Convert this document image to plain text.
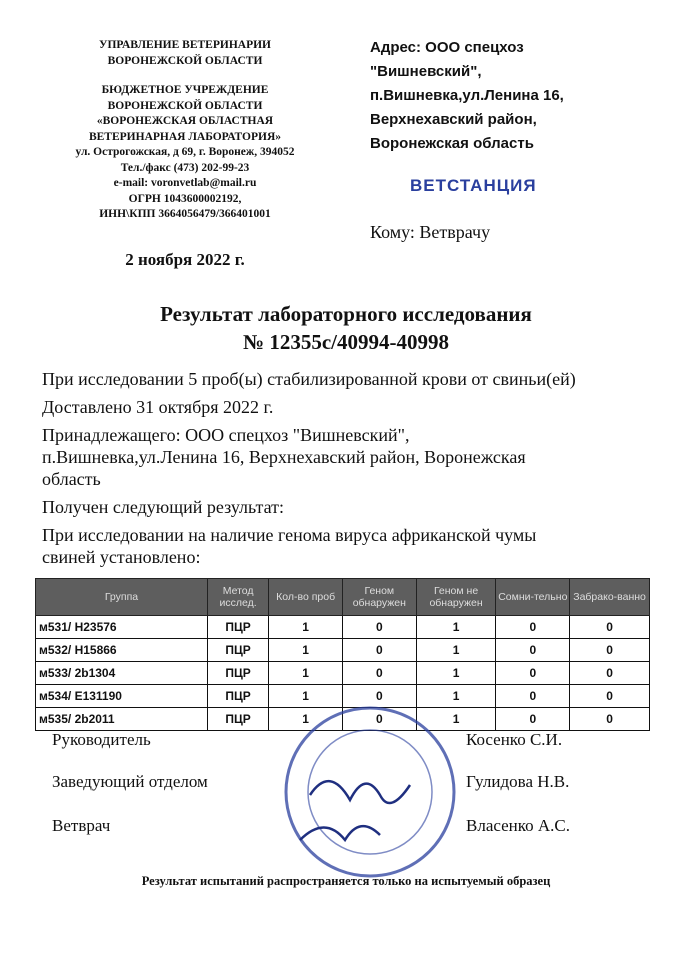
УПРАВЛЕНИЕ ВЕТЕРИНАРИИ
ВОРОНЕЖСКОЙ ОБЛАСТИ
БЮДЖЕТНОЕ УЧРЕЖДЕНИЕ
ВОРОНЕЖСКОЙ ОБЛАСТИ
«ВОРОНЕЖСКАЯ ОБЛАСТНАЯ
ВЕТЕРИНАРНАЯ ЛАБОРАТОРИЯ»
ул. Острогожская, д 69, г. Воронеж, 394052
Тел./факс (473) 202-99-23
e-mail: voronvetlab@mail.ru
ОГРН 1043600002192,
ИНН\КПП 3664056479/366401001
Адрес: ООО спецхоз
"Вишневский",
п.Вишневка,ул.Ленина 16,
Верхнехавский район,
Воронежская область
ВЕТСТАНЦИЯ
Кому: Ветврачу
2 ноября 2022 г.
Результат лабораторного исследования
№ 12355с/40994-40998

При исследовании 5 проб(ы) стабилизированной крови от свиньи(ей)

Доставлено 31 октября 2022 г.

Принадлежащего: ООО спецхоз "Вишневский",

п.Вишневка,ул.Ленина 16, Верхнехавский район, Воронежская

область

Получен следующий результат:

При исследовании на наличие генома вируса африканской чумы

свиней установлено:

Группа	Метод исслед.	Кол-во проб	Геном обнаружен	Геном не обнаружен	Сомни-тельно	Забрако-ванно
м531/ H23576	ПЦР	1	0	1	0	0
м532/ H15866	ПЦР	1	0	1	0	0
м533/ 2b1304	ПЦР	1	0	1	0	0
м534/ E131190	ПЦР	1	0	1	0	0
м535/ 2b2011	ПЦР	1	0	1	0	0
Руководитель	Косенко С.И.
Заведующий отделом	Гулидова Н.В.
Ветврач	Власенко А.С.
Результат испытаний распространяется только на испытуемый образец
